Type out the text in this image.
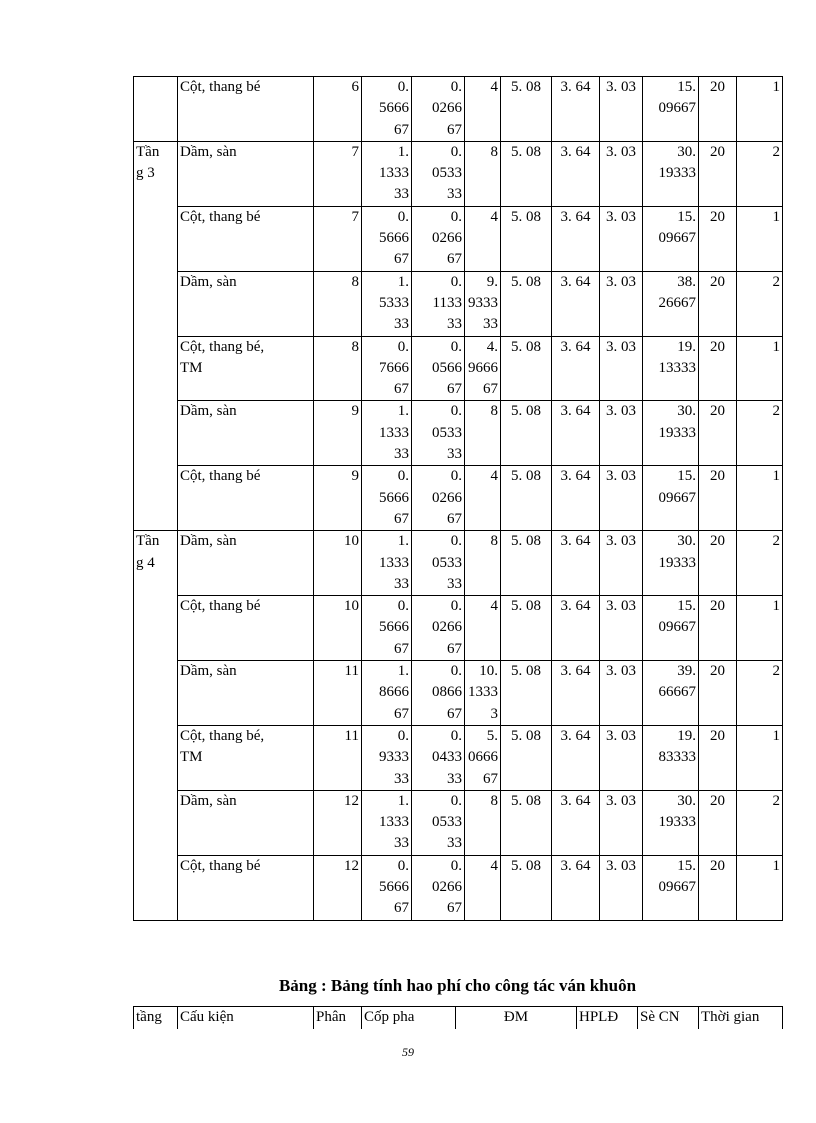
	Cột, thang bé	6	0.
5666
67	0.
0266
67	4	5. 08	3. 64	3. 03	15.
09667	20	1
Tần
g 3	Dầm, sàn	7	1.
1333
33	0.
0533
33	8	5. 08	3. 64	3. 03	30.
19333	20	2
	Cột, thang bé	7	0.
5666
67	0.
0266
67	4	5. 08	3. 64	3. 03	15.
09667	20	1
	Dầm, sàn	8	1.
5333
33	0.
1133
33	9.
9333
33	5. 08	3. 64	3. 03	38.
26667	20	2
	Cột, thang bé,
TM	8	0.
7666
67	0.
0566
67	4.
9666
67	5. 08	3. 64	3. 03	19.
13333	20	1
	Dầm, sàn	9	1.
1333
33	0.
0533
33	8	5. 08	3. 64	3. 03	30.
19333	20	2
	Cột, thang bé	9	0.
5666
67	0.
0266
67	4	5. 08	3. 64	3. 03	15.
09667	20	1
Tần
g 4	Dầm, sàn	10	1.
1333
33	0.
0533
33	8	5. 08	3. 64	3. 03	30.
19333	20	2
	Cột, thang bé	10	0.
5666
67	0.
0266
67	4	5. 08	3. 64	3. 03	15.
09667	20	1
	Dầm, sàn	11	1.
8666
67	0.
0866
67	10.
1333
3	5. 08	3. 64	3. 03	39.
66667	20	2
	Cột, thang bé,
TM	11	0.
9333
33	0.
0433
33	5.
0666
67	5. 08	3. 64	3. 03	19.
83333	20	1
	Dầm, sàn	12	1.
1333
33	0.
0533
33	8	5. 08	3. 64	3. 03	30.
19333	20	2
	Cột, thang bé	12	0.
5666
67	0.
0266
67	4	5. 08	3. 64	3. 03	15.
09667	20	1
Bảng : Bảng tính hao phí cho công tác ván khuôn
tầng	Cấu kiện	Phân	Cốp pha	ĐM	HPLĐ	Sè CN	Thời gian
59
